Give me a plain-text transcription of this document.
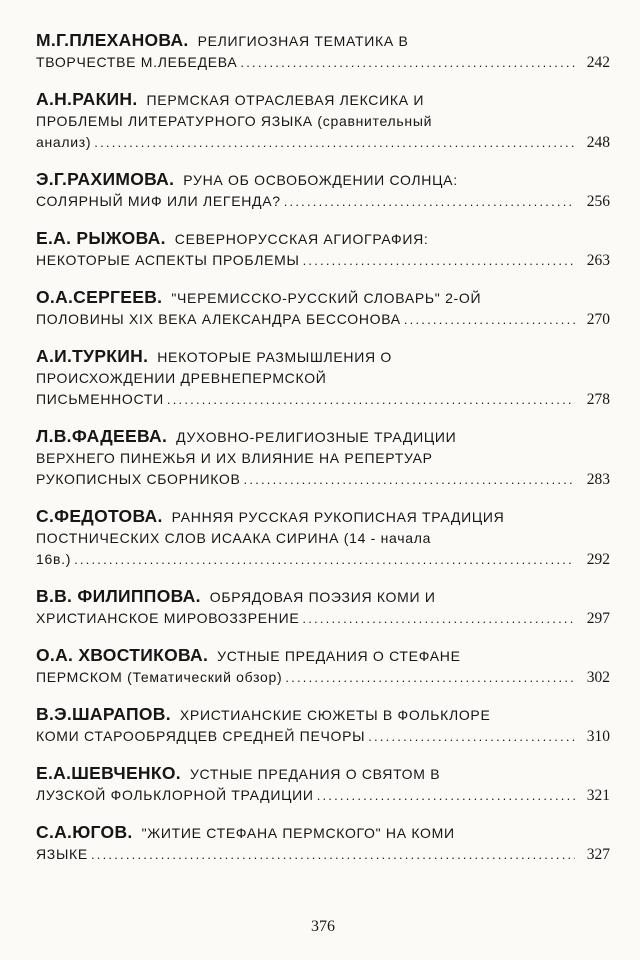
М.Г.ПЛЕХАНОВА. РЕЛИГИОЗНАЯ ТЕМАТИКА В
ТВОРЧЕСТВЕ М.ЛЕБЕДЕВА .....	242
А.Н.РАКИН. ПЕРМСКАЯ ОТРАСЛЕВАЯ ЛЕКСИКА И
ПРОБЛЕМЫ ЛИТЕРАТУРНОГО ЯЗЫКА (сравнительный
анализ) .....	248
Э.Г.РАХИМОВА. РУНА ОБ ОСВОБОЖДЕНИИ СОЛНЦА:
СОЛЯРНЫЙ МИФ ИЛИ ЛЕГЕНДА? .....	256
Е.А. РЫЖОВА. СЕВЕРНОРУССКАЯ АГИОГРАФИЯ:
НЕКОТОРЫЕ АСПЕКТЫ ПРОБЛЕМЫ .....	263
О.А.СЕРГЕЕВ. "ЧЕРЕМИССКО-РУССКИЙ СЛОВАРЬ" 2-ОЙ
ПОЛОВИНЫ XIX ВЕКА АЛЕКСАНДРА БЕССОНОВА .....	270
А.И.ТУРКИН. НЕКОТОРЫЕ РАЗМЫШЛЕНИЯ О
ПРОИСХОЖДЕНИИ ДРЕВНЕПЕРМСКОЙ
ПИСЬМЕННОСТИ .....	278
Л.В.ФАДЕЕВА. ДУХОВНО-РЕЛИГИОЗНЫЕ ТРАДИЦИИ
ВЕРХНЕГО ПИНЕЖЬЯ И ИХ ВЛИЯНИЕ НА РЕПЕРТУАР
РУКОПИСНЫХ СБОРНИКОВ .....	283
С.ФЕДОТОВА. РАННЯЯ РУССКАЯ РУКОПИСНАЯ ТРАДИЦИЯ
ПОСТНИЧЕСКИХ СЛОВ ИСААКА СИРИНА (14 - начала
16в.) .....	292
В.В. ФИЛИППОВА. ОБРЯДОВАЯ ПОЭЗИЯ КОМИ И
ХРИСТИАНСКОЕ МИРОВОЗЗРЕНИЕ .....	297
О.А. ХВОСТИКОВА. УСТНЫЕ ПРЕДАНИЯ О СТЕФАНЕ
ПЕРМСКОМ (Тематический обзор) .....	302
В.Э.ШАРАПОВ. ХРИСТИАНСКИЕ СЮЖЕТЫ В ФОЛЬКЛОРЕ
КОМИ СТАРООБРЯДЦЕВ СРЕДНЕЙ ПЕЧОРЫ .....	310
Е.А.ШЕВЧЕНКО. УСТНЫЕ ПРЕДАНИЯ О СВЯТОМ В
ЛУЗСКОЙ ФОЛЬКЛОРНОЙ ТРАДИЦИИ .....	321
С.А.ЮГОВ. "ЖИТИЕ СТЕФАНА ПЕРМСКОГО" НА КОМИ
ЯЗЫКЕ .....	327
376
